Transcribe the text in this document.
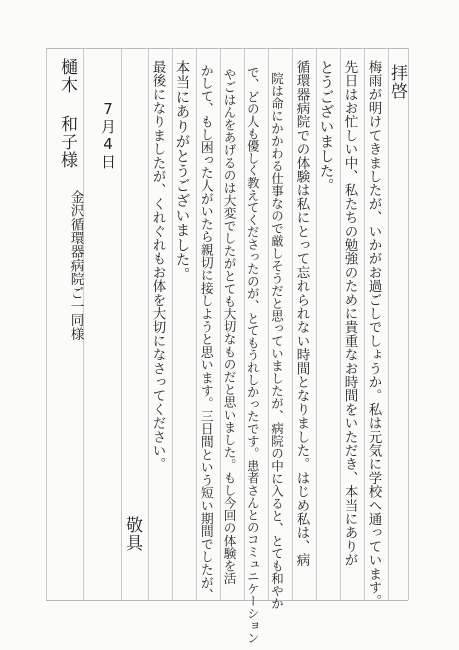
拝啓
梅雨が明けてきましたが、いかがお過ごしでしょうか。私は元気に学校へ通っています。
先日はお忙しい中、私たちの勉強のために貴重なお時間をいただき、本当にありが
とうございました。
循環器病院での体験は私にとって忘れられない時間となりました。はじめ私は、病
院は命にかかわる仕事なので厳しそうだと思っていましたが、病院の中に入ると、とても和やか
で、どの人も優しく教えてくださったのが、とてもうれしかったです。患者さんとのコミュニケーション
やごはんをあげるのは大変でしたがとても大切なものだと思いました。もし今回の体験を活
かして、もし困った人がいたら親切に接しようと思います。三日間という短い期間でしたが、
本当にありがとうございました。
最後になりましたが、くれぐれもお体を大切になさってください。
敬具
7月4日
金沢循環器病院ご一同様
樋木 和子様
